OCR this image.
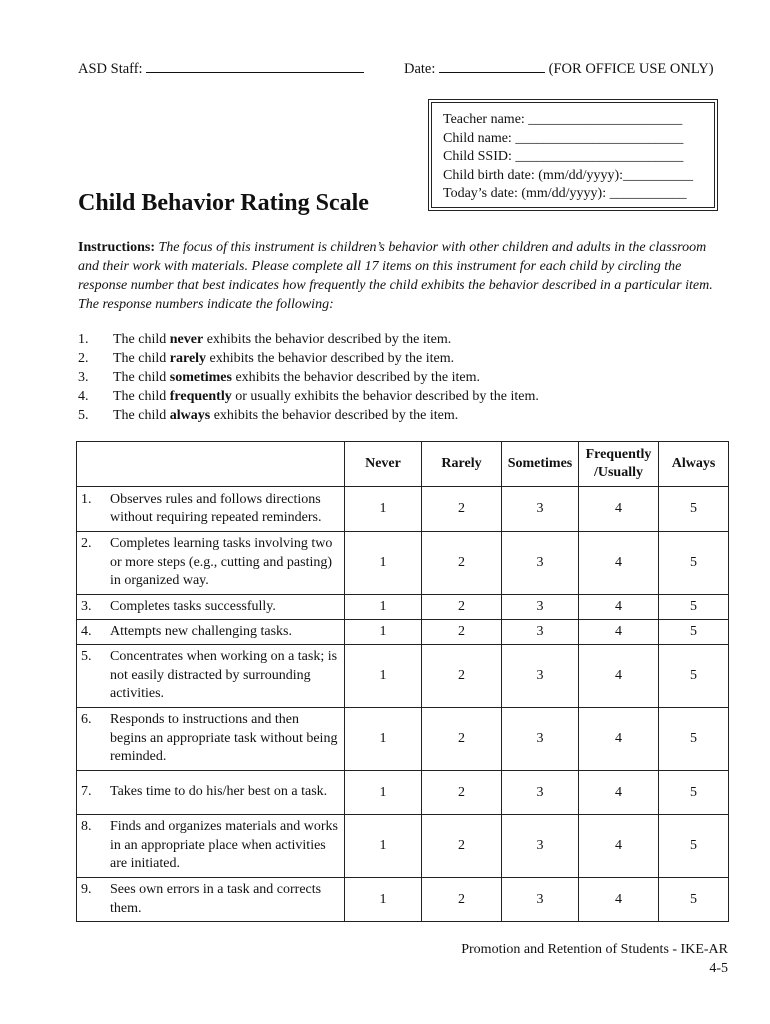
ASD Staff:	Date:	(FOR OFFICE USE ONLY)
Teacher name: ______________________
Child name: ________________________
Child SSID: ________________________
Child birth date: (mm/dd/yyyy):__________
Today’s date: (mm/dd/yyyy): ___________
Child Behavior Rating Scale
Instructions: The focus of this instrument is children’s behavior with other children and adults in the classroom and their work with materials. Please complete all 17 items on this instrument for each child by circling the response number that best indicates how frequently the child exhibits the behavior described in a particular item. The response numbers indicate the following:
1.	The child never exhibits the behavior described by the item.
2.	The child rarely exhibits the behavior described by the item.
3.	The child sometimes exhibits the behavior described by the item.
4.	The child frequently or usually exhibits the behavior described by the item.
5.	The child always exhibits the behavior described by the item.
	Never	Rarely	Sometimes	Frequently /Usually	Always

1. Observes rules and follows directions without requiring repeated reminders.	1	2	3	4	5

2. Completes learning tasks involving two or more steps (e.g., cutting and pasting) in organized way.	1	2	3	4	5

3. Completes tasks successfully.	1	2	3	4	5

4. Attempts new challenging tasks.	1	2	3	4	5

5. Concentrates when working on a task; is not easily distracted by surrounding activities.	1	2	3	4	5

6. Responds to instructions and then begins an appropriate task without being reminded.	1	2	3	4	5

7. Takes time to do his/her best on a task.	1	2	3	4	5

8. Finds and organizes materials and works in an appropriate place when activities are initiated.	1	2	3	4	5

9. Sees own errors in a task and corrects them.	1	2	3	4	5
Promotion and Retention of Students - IKE-AR
4-5
